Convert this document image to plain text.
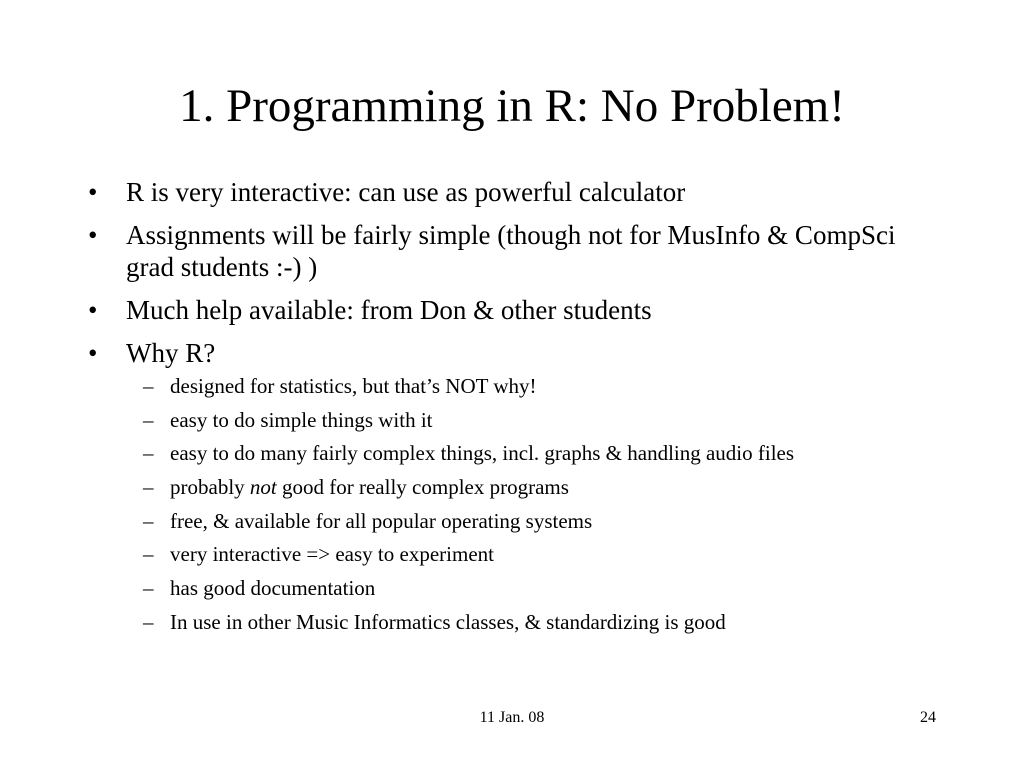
1. Programming in R: No Problem!
• R is very interactive: can use as powerful calculator
• Assignments will be fairly simple (though not for MusInfo & CompSci grad students :-) )
• Much help available: from Don & other students
• Why R?
– designed for statistics, but that’s NOT why!
– easy to do simple things with it
– easy to do many fairly complex things, incl. graphs & handling audio files
– probably not good for really complex programs
– free, & available for all popular operating systems
– very interactive => easy to experiment
– has good documentation
– In use in other Music Informatics classes, & standardizing is good
11 Jan. 08	24
